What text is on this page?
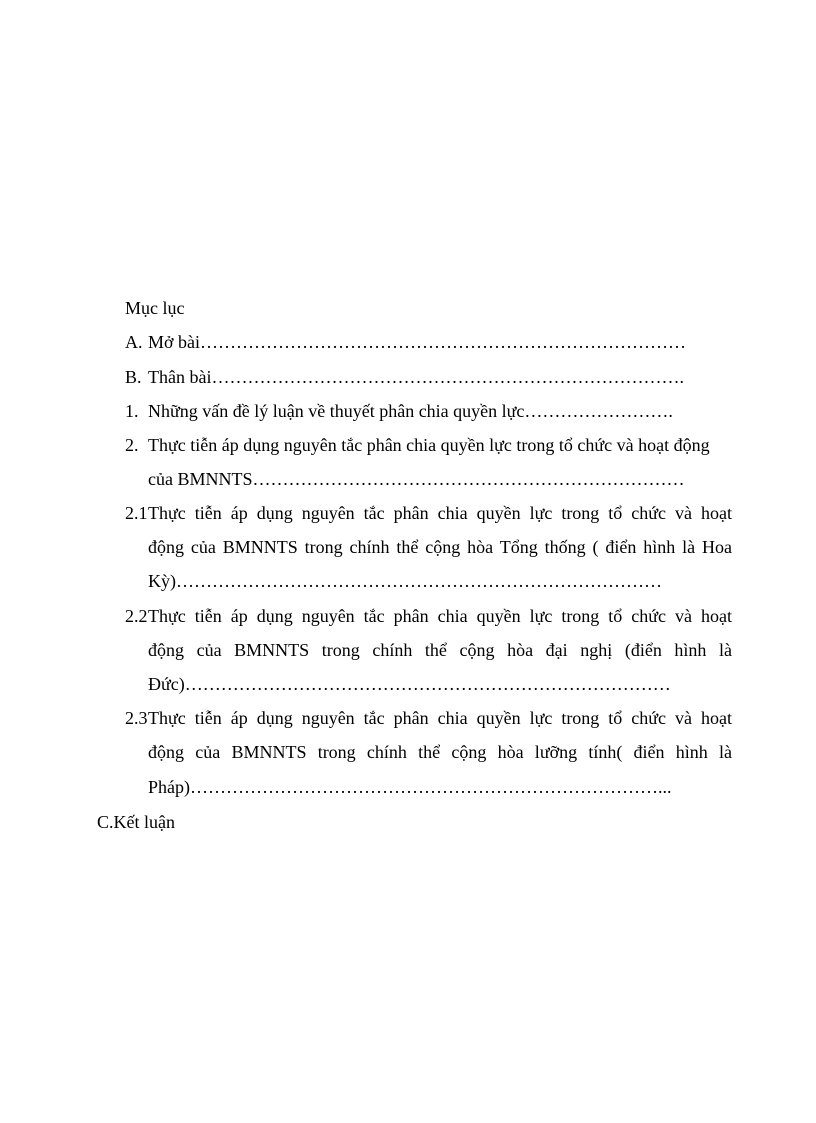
Mục lục
A. Mở bài………………………………………………………………………
B. Thân bài…………………………………………………………………….
1. Những vấn đề lý luận về thuyết phân chia quyền lực…………………….
2. Thực tiễn áp dụng nguyên tắc phân chia quyền lực trong tổ chức và hoạt động
của BMNNTS………………………………………………………………
2.1 Thực tiễn áp dụng nguyên tắc phân chia quyền lực trong tổ chức và hoạt
động của BMNNTS trong chính thể cộng hòa Tổng thống ( điển hình là Hoa
Kỳ)………………………………………………………………………
2.2 Thực tiễn áp dụng nguyên tắc phân chia quyền lực trong tổ chức và hoạt
động của BMNNTS trong chính thể cộng hòa đại nghị (điển hình là
Đức)………………………………………………………………………
2.3 Thực tiễn áp dụng nguyên tắc phân chia quyền lực trong tổ chức và hoạt
động của BMNNTS trong chính thể cộng hòa lưỡng tính( điển hình là
Pháp)……………………………………………………………………...
C.Kết luận
